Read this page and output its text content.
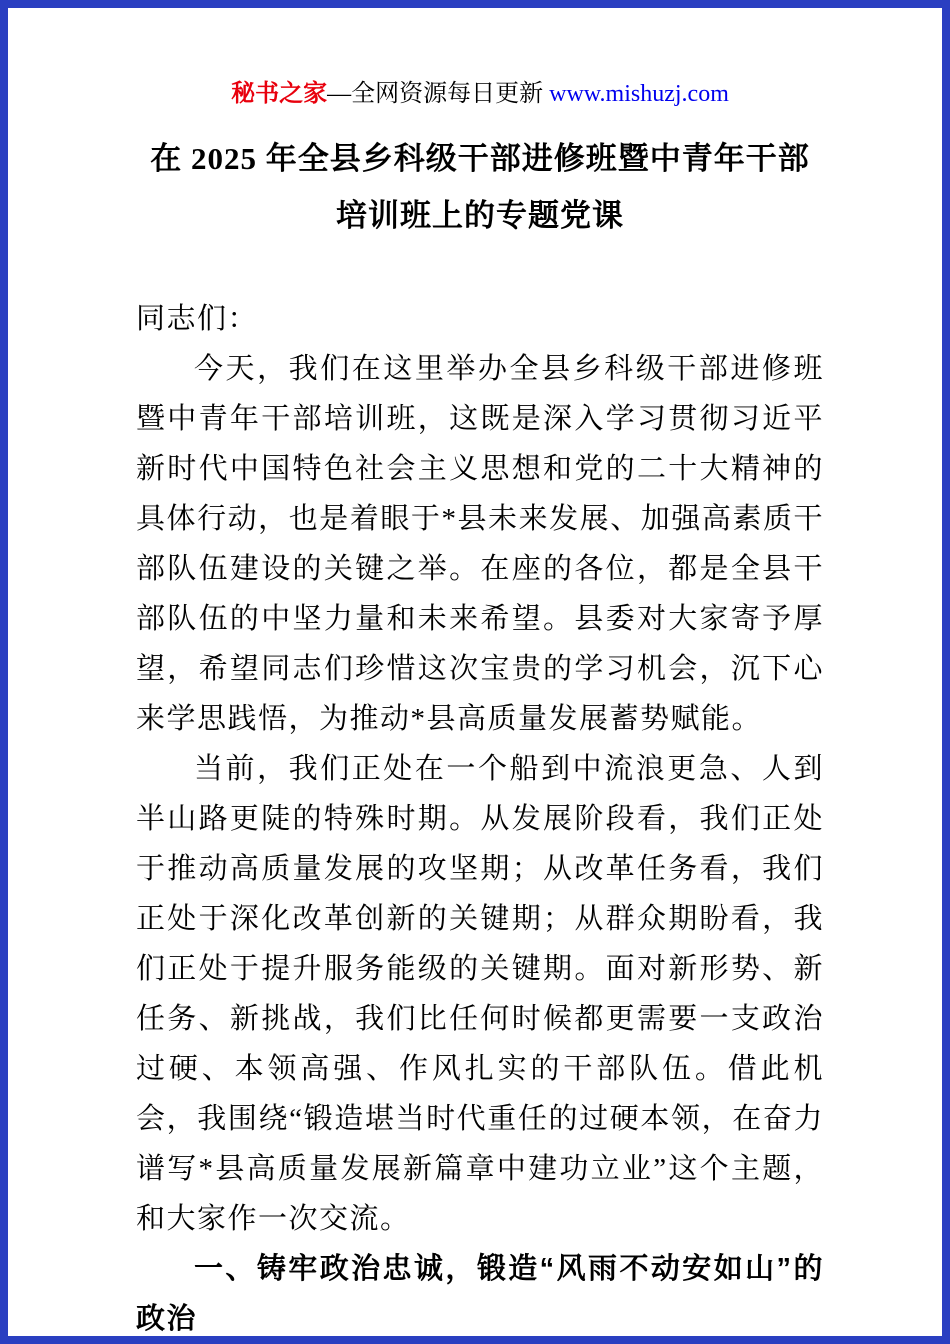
秘书之家—全网资源每日更新 www.mishuzj.com
在 2025 年全县乡科级干部进修班暨中青年干部
培训班上的专题党课

同志们：

今天，我们在这里举办全县乡科级干部进修班暨中青年干部培训班，这既是深入学习贯彻习近平新时代中国特色社会主义思想和党的二十大精神的具体行动，也是着眼于*县未来发展、加强高素质干部队伍建设的关键之举。在座的各位，都是全县干部队伍的中坚力量和未来希望。县委对大家寄予厚望，希望同志们珍惜这次宝贵的学习机会，沉下心来学思践悟，为推动*县高质量发展蓄势赋能。

当前，我们正处在一个船到中流浪更急、人到半山路更陡的特殊时期。从发展阶段看，我们正处于推动高质量发展的攻坚期；从改革任务看，我们正处于深化改革创新的关键期；从群众期盼看，我们正处于提升服务能级的关键期。面对新形势、新任务、新挑战，我们比任何时候都更需要一支政治过硬、本领高强、作风扎实的干部队伍。借此机会，我围绕“锻造堪当时代重任的过硬本领，在奋力谱写*县高质量发展新篇章中建功立业”这个主题，和大家作一次交流。

一、铸牢政治忠诚，锻造“风雨不动安如山”的政治
